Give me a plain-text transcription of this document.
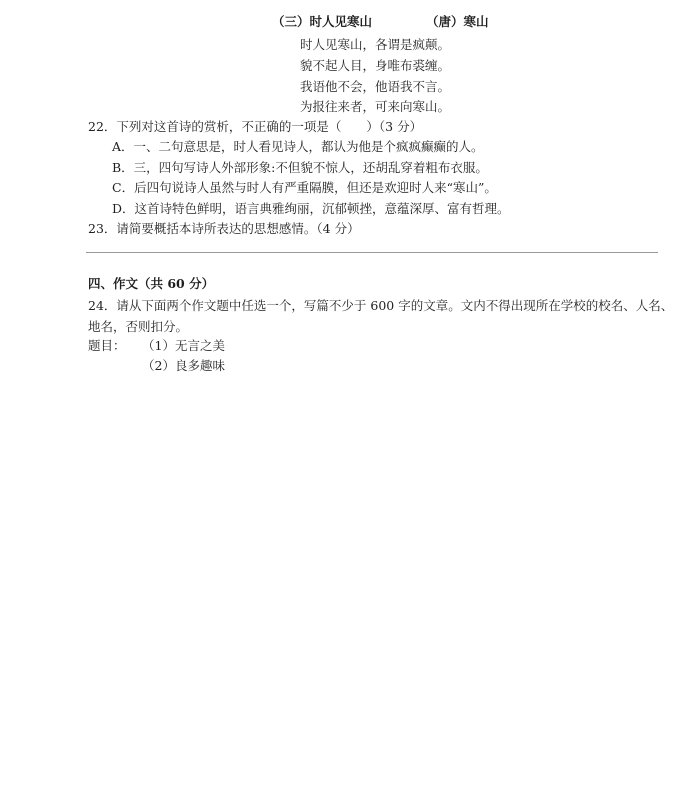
（三）时人见寒山	（唐）寒山
时人见寒山，各谓是疯颠。
貌不起人目，身唯布裘缠。
我语他不会，他语我不言。
为报往来者，可来向寒山。
22．下列对这首诗的赏析，不正确的一项是（　　）（3 分）
A．一、二句意思是，时人看见诗人，都认为他是个疯疯癫癫的人。
B．三，四句写诗人外部形象:不但貌不惊人，还胡乱穿着粗布衣服。
C．后四句说诗人虽然与时人有严重隔膜，但还是欢迎时人来“寒山”。
D．这首诗特色鲜明，语言典雅绚丽，沉郁顿挫，意蕴深厚、富有哲理。
23．请简要概括本诗所表达的思想感情。（4 分）
四、作文（共 60 分）
24．请从下面两个作文题中任选一个，写篇不少于 600 字的文章。文内不得出现所在学校的校名、人名、
地名，否则扣分。
题目： （1）无言之美
（2）良多趣味
